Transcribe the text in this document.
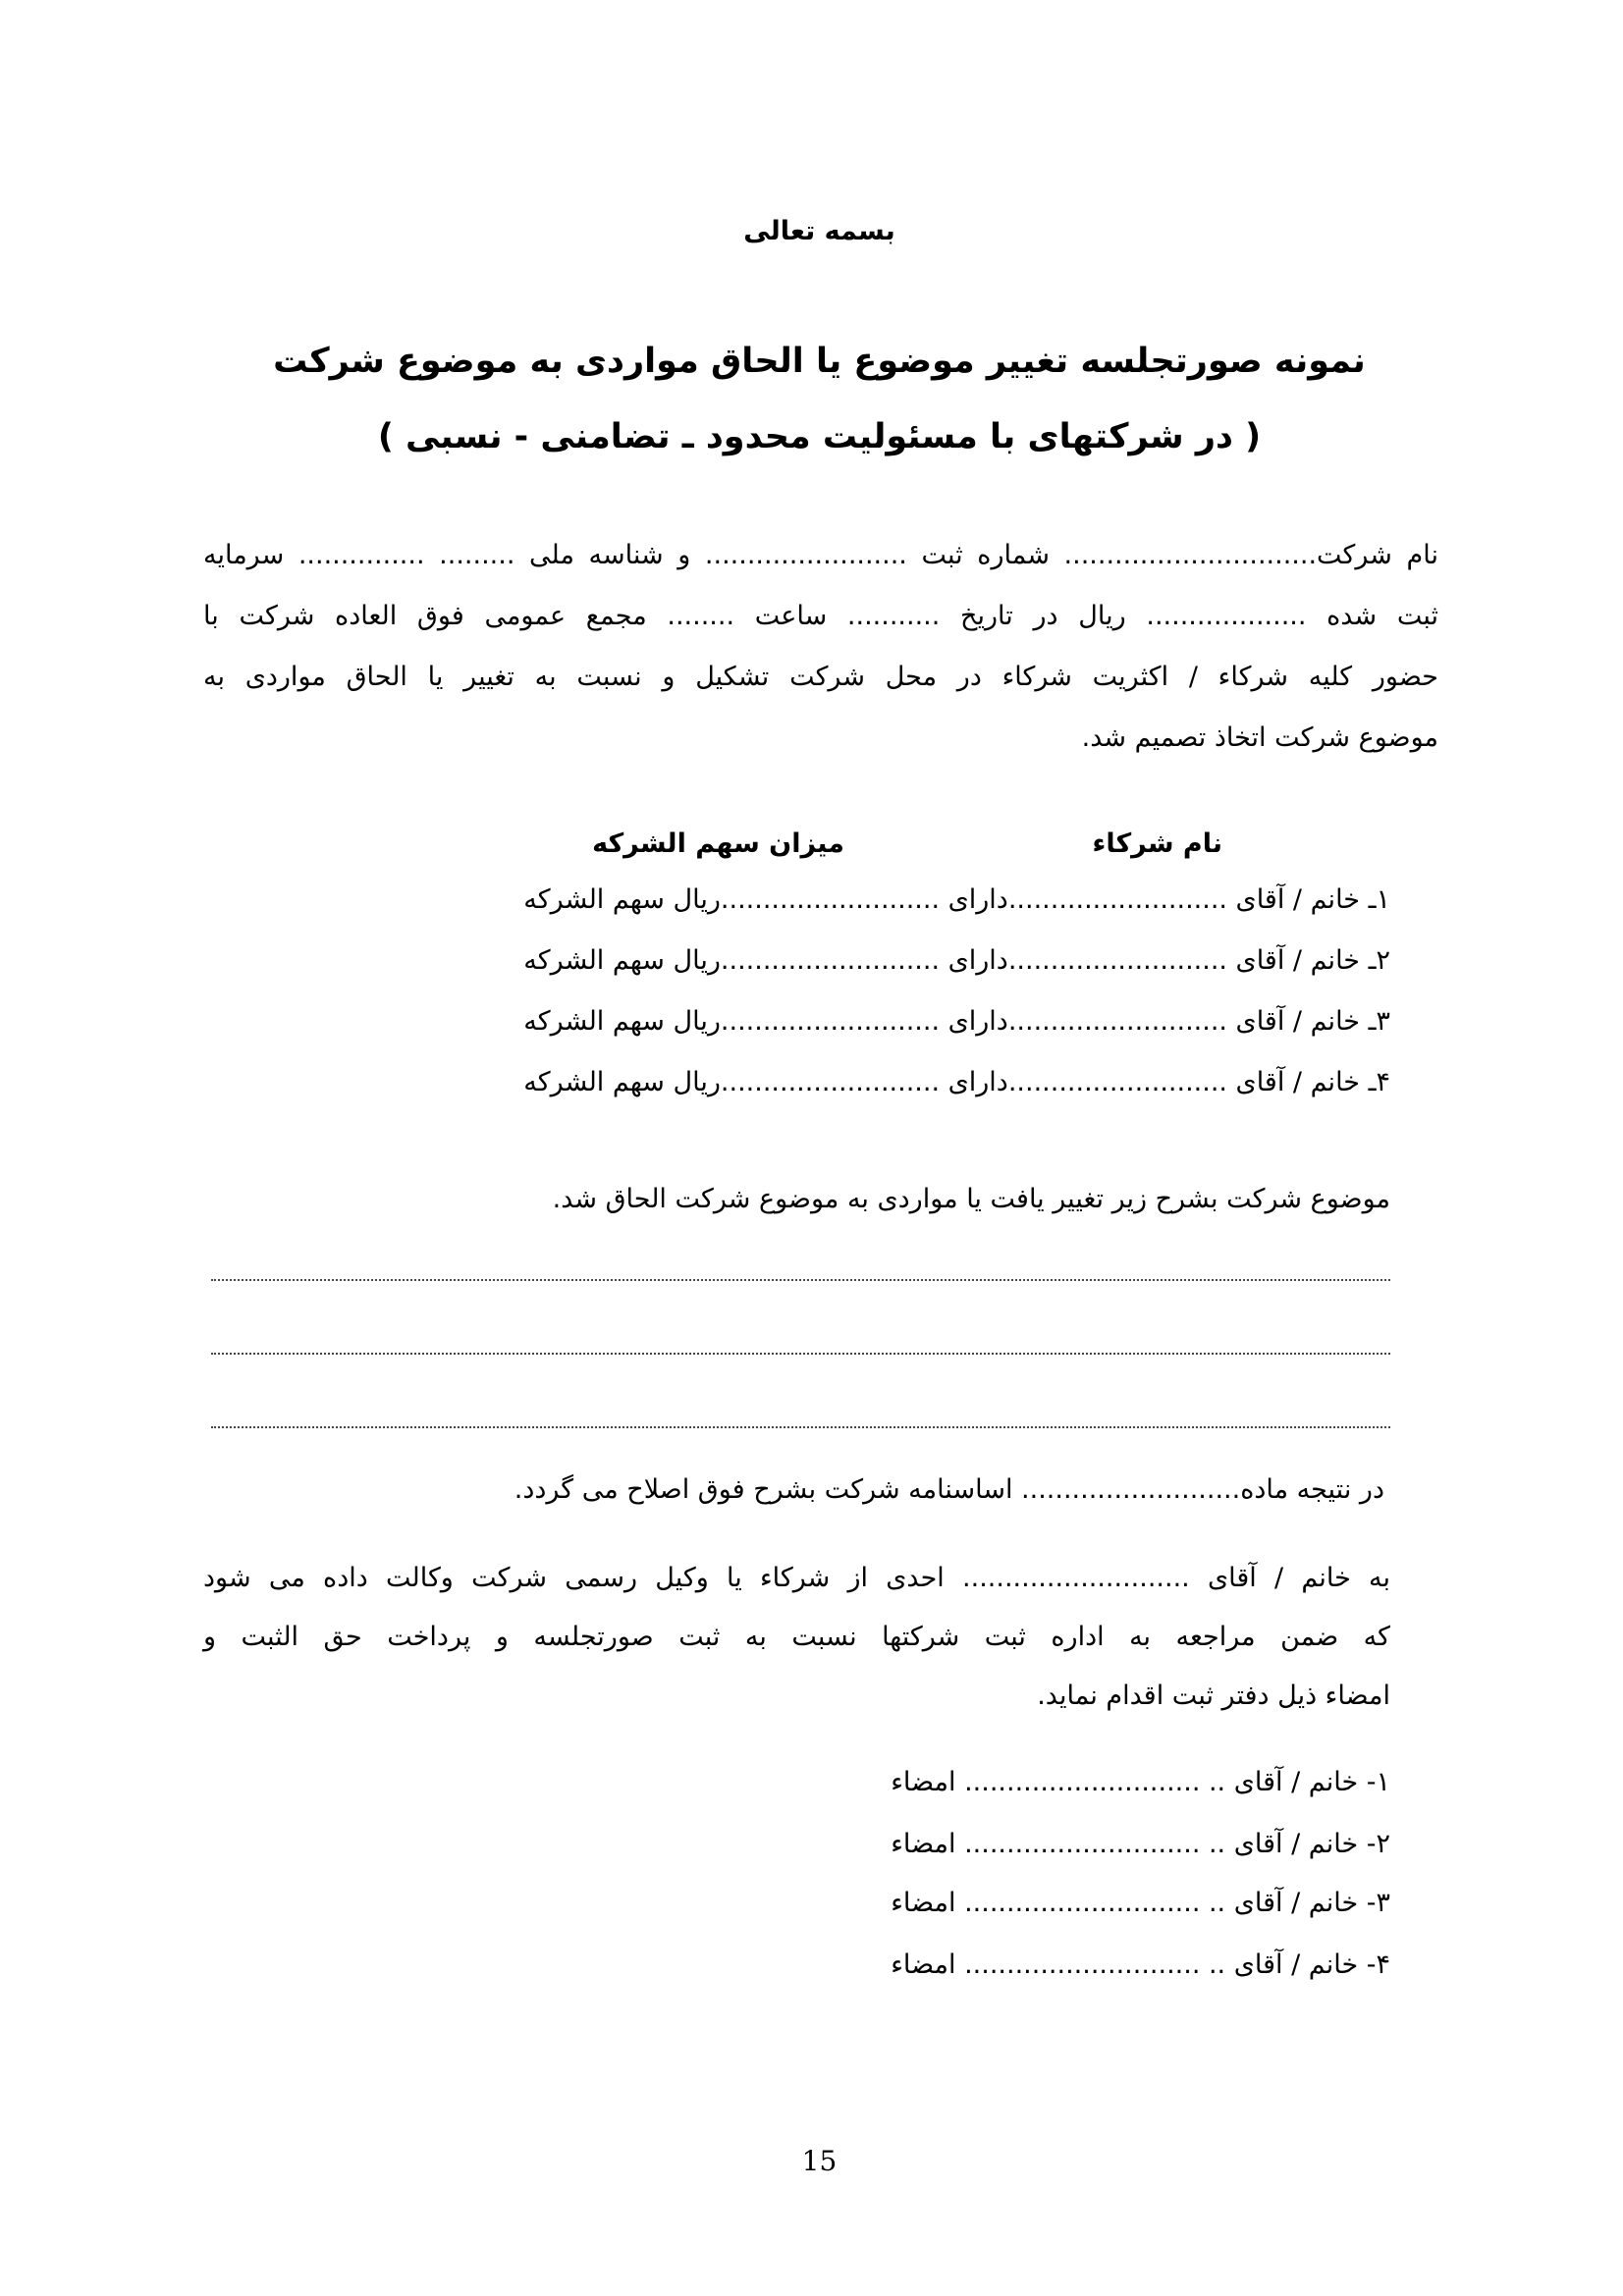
بسمه تعالی
نمونه صورتجلسه تغییر موضوع یا الحاق مواردی به موضوع شرکت
( در شرکتهای با مسئولیت محدود ـ تضامنی - نسبی )
نام شرکت.............................. شماره ثبت ........................ و شناسه ملی ......... ............... سرمایه
ثبت شده ................... ریال در تاریخ ........... ساعت ........ مجمع عمومی فوق العاده شرکت با
حضور کلیه شرکاء / اکثریت شرکاء در محل شرکت تشکیل و نسبت به تغییر یا الحاق مواردی به
موضوع شرکت اتخاذ تصمیم شد.
نام شرکاء
میزان سهم الشرکه
۱ـ خانم / آقای ..........................دارای ..........................ریال سهم الشرکه
۲ـ خانم / آقای ..........................دارای ..........................ریال سهم الشرکه
۳ـ خانم / آقای ..........................دارای ..........................ریال سهم الشرکه
۴ـ خانم / آقای ..........................دارای ..........................ریال سهم الشرکه
موضوع شرکت بشرح زیر تغییر یافت یا مواردی به موضوع شرکت الحاق شد.
در نتیجه ماده.......................... اساسنامه شرکت بشرح فوق اصلاح می گردد.
به خانم / آقای ........................... احدی از شرکاء یا وکیل رسمی شرکت وکالت داده می شود
که ضمن مراجعه به اداره ثبت شرکتها نسبت به ثبت صورتجلسه و پرداخت حق الثبت و
امضاء ذیل دفتر ثبت اقدام نماید.
۱- خانم / آقای .. ............................ امضاء
۲- خانم / آقای .. ............................ امضاء
۳- خانم / آقای .. ............................ امضاء
۴- خانم / آقای .. ............................ امضاء
15
